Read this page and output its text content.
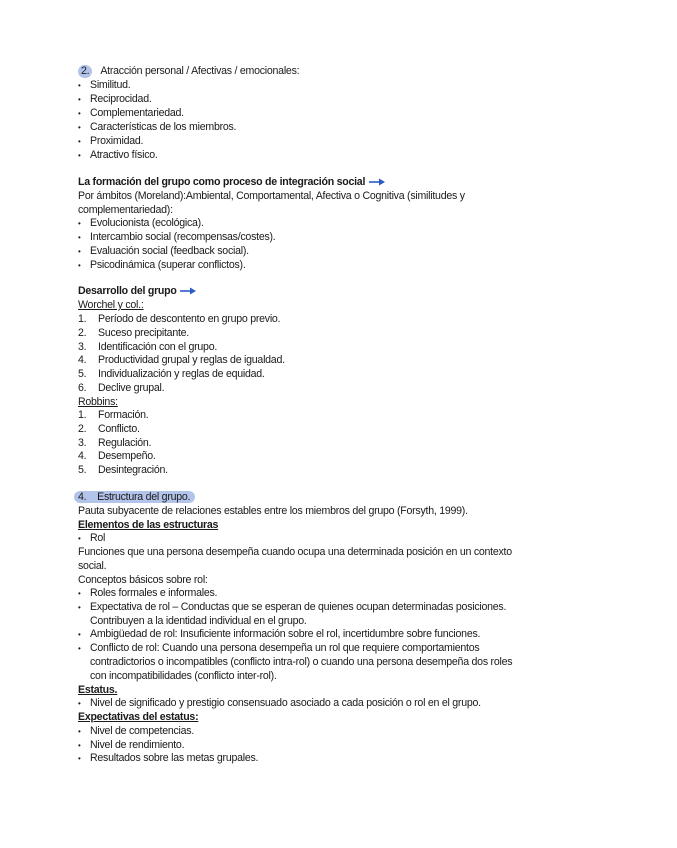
2. Atracción personal / Afectivas / emocionales:
• Similitud.
• Reciprocidad.
• Complementariedad.
• Características de los miembros.
• Proximidad.
• Atractivo físico.
La formación del grupo como proceso de integración social
Por ámbitos (Moreland):Ambiental, Comportamental, Afectiva o Cognitiva (similitudes y
complementariedad):
• Evolucionista (ecológica).
• Intercambio social (recompensas/costes).
• Evaluación social (feedback social).
• Psicodinámica (superar conflictos).
Desarrollo del grupo
Worchel y col.:
1. Período de descontento en grupo previo.
2. Suceso precipitante.
3. Identificación con el grupo.
4. Productividad grupal y reglas de igualdad.
5. Individualización y reglas de equidad.
6. Declive grupal.
Robbins:
1. Formación.
2. Conflicto.
3. Regulación.
4. Desempeño.
5. Desintegración.
4. Estructura del grupo.
Pauta subyacente de relaciones estables entre los miembros del grupo (Forsyth, 1999).
Elementos de las estructuras
• Rol
Funciones que una persona desempeña cuando ocupa una determinada posición en un contexto
social.
Conceptos básicos sobre rol:
• Roles formales e informales.
• Expectativa de rol – Conductas que se esperan de quienes ocupan determinadas posiciones.
Contribuyen a la identidad individual en el grupo.
• Ambigüedad de rol: Insuficiente información sobre el rol, incertidumbre sobre funciones.
• Conflicto de rol: Cuando una persona desempeña un rol que requiere comportamientos
contradictorios o incompatibles (conflicto intra-rol) o cuando una persona desempeña dos roles
con incompatibilidades (conflicto inter-rol).
Estatus.
• Nivel de significado y prestigio consensuado asociado a cada posición o rol en el grupo.
Expectativas del estatus:
• Nivel de competencias.
• Nivel de rendimiento.
• Resultados sobre las metas grupales.
